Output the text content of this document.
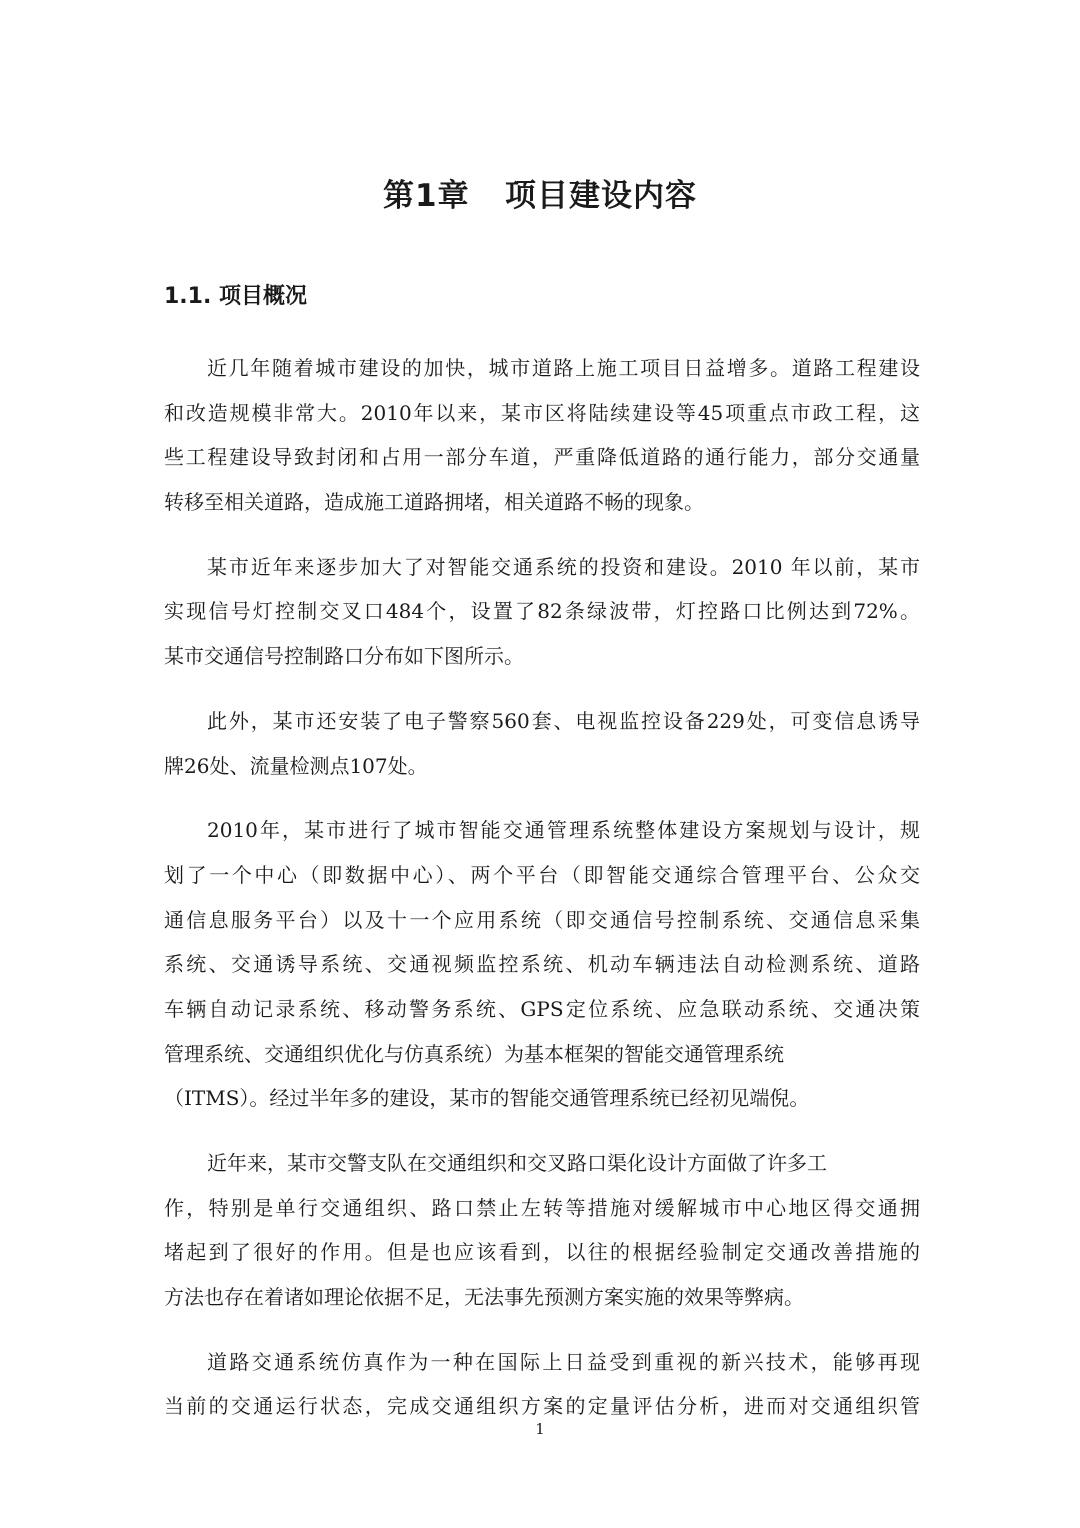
第1章   项目建设内容
1.1. 项目概况

近几年随着城市建设的加快，城市道路上施工项目日益增多。道路工程建设
和改造规模非常大。2010年以来，某市区将陆续建设等45项重点市政工程，这
些工程建设导致封闭和占用一部分车道，严重降低道路的通行能力，部分交通量
转移至相关道路，造成施工道路拥堵，相关道路不畅的现象。

某市近年来逐步加大了对智能交通系统的投资和建设。2010 年以前，某市
实现信号灯控制交叉口484个，设置了82条绿波带，灯控路口比例达到72%。
某市交通信号控制路口分布如下图所示。

此外，某市还安装了电子警察560套、电视监控设备229处，可变信息诱导
牌26处、流量检测点107处。

2010年，某市进行了城市智能交通管理系统整体建设方案规划与设计，规
划了一个中心（即数据中心）、两个平台（即智能交通综合管理平台、公众交
通信息服务平台）以及十一个应用系统（即交通信号控制系统、交通信息采集
系统、交通诱导系统、交通视频监控系统、机动车辆违法自动检测系统、道路
车辆自动记录系统、移动警务系统、GPS定位系统、应急联动系统、交通决策
管理系统、交通组织优化与仿真系统）为基本框架的智能交通管理系统
（ITMS）。经过半年多的建设，某市的智能交通管理系统已经初见端倪。

近年来，某市交警支队在交通组织和交叉路口渠化设计方面做了许多工
作，特别是单行交通组织、路口禁止左转等措施对缓解城市中心地区得交通拥
堵起到了很好的作用。但是也应该看到，以往的根据经验制定交通改善措施的
方法也存在着诸如理论依据不足，无法事先预测方案实施的效果等弊病。

道路交通系统仿真作为一种在国际上日益受到重视的新兴技术，能够再现
当前的交通运行状态，完成交通组织方案的定量评估分析，进而对交通组织管

1
